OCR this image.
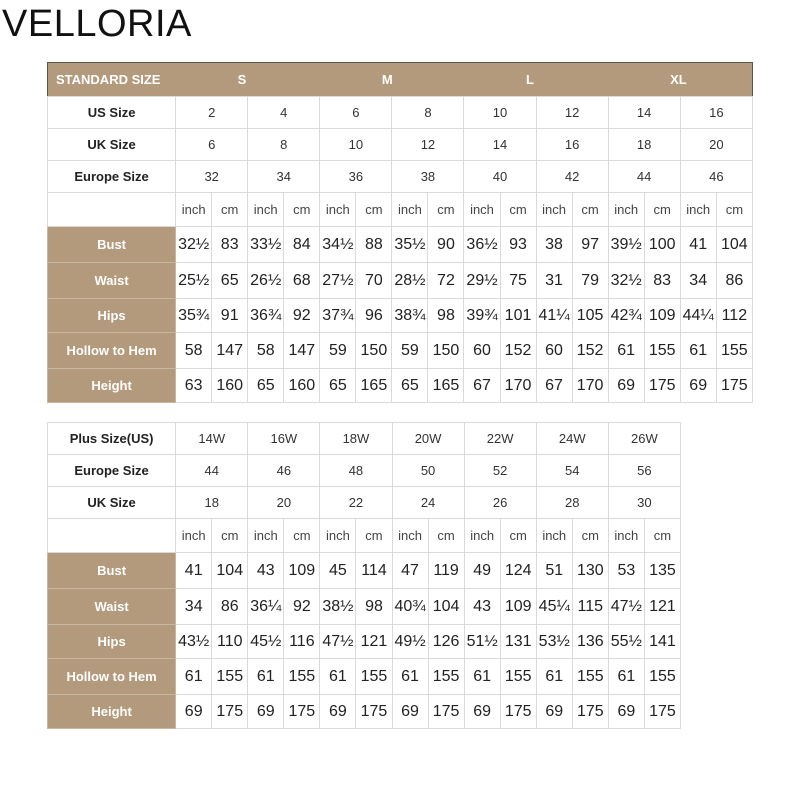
VELLORIA
STANDARD SIZE	S				M				L				XL			
US Size	2		4		6		8		10		12		14		16	
UK Size	6		8		10		12		14		16		18		20	
Europe Size	32		34		36		38		40		42		44		46	
	inch	cm	inch	cm	inch	cm	inch	cm	inch	cm	inch	cm	inch	cm	inch	cm
Bust	32½	83	33½	84	34½	88	35½	90	36½	93	38	97	39½	100	41	104
Waist	25½	65	26½	68	27½	70	28½	72	29½	75	31	79	32½	83	34	86
Hips	35¾	91	36¾	92	37¾	96	38¾	98	39¾	101	41¼	105	42¾	109	44¼	112
Hollow to Hem	58	147	58	147	59	150	59	150	60	152	60	152	61	155	61	155
Height	63	160	65	160	65	165	65	165	67	170	67	170	69	175	69	175
Plus Size(US)	14W		16W		18W		20W		22W		24W		26W	
Europe Size	44		46		48		50		52		54		56	
UK Size	18		20		22		24		26		28		30	
	inch	cm	inch	cm	inch	cm	inch	cm	inch	cm	inch	cm	inch	cm
Bust	41	104	43	109	45	114	47	119	49	124	51	130	53	135
Waist	34	86	36¼	92	38½	98	40¾	104	43	109	45¼	115	47½	121
Hips	43½	110	45½	116	47½	121	49½	126	51½	131	53½	136	55½	141
Hollow to Hem	61	155	61	155	61	155	61	155	61	155	61	155	61	155
Height	69	175	69	175	69	175	69	175	69	175	69	175	69	175
